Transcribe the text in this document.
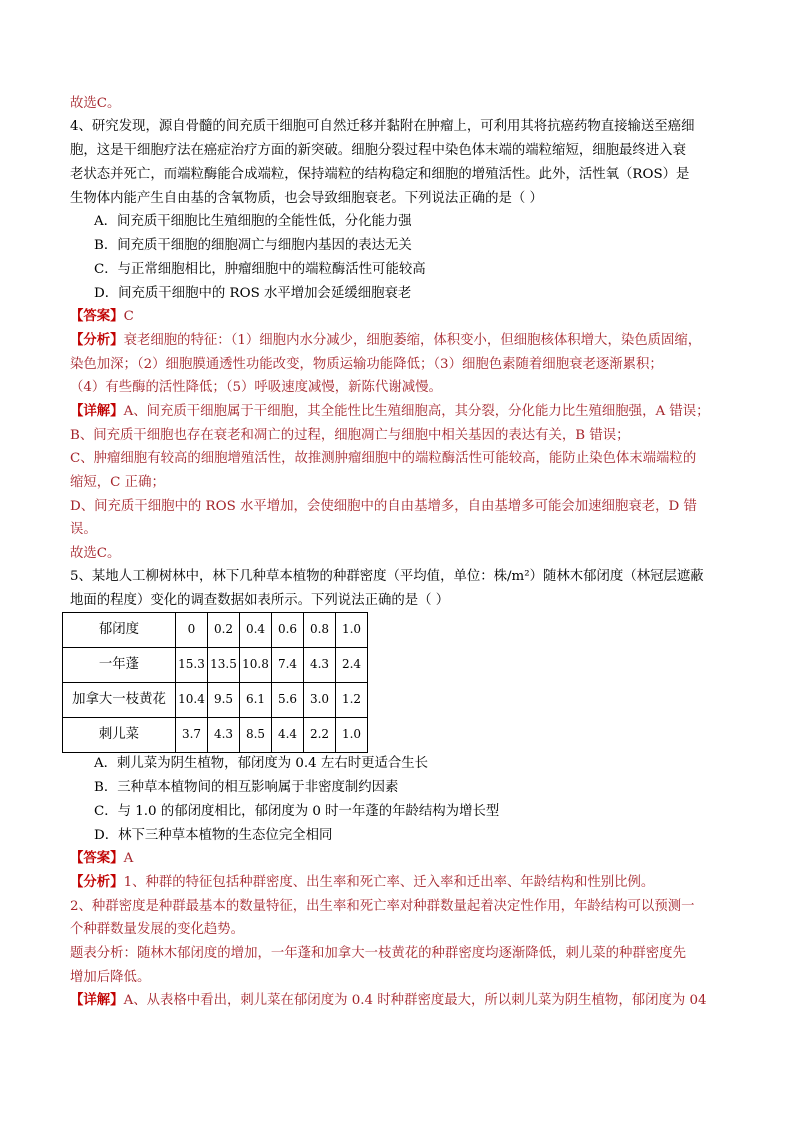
故选C。

4、研究发现，源自骨髓的间充质干细胞可自然迁移并黏附在肿瘤上，可利用其将抗癌药物直接输送至癌细

胞，这是干细胞疗法在癌症治疗方面的新突破。细胞分裂过程中染色体末端的端粒缩短，细胞最终进入衰

老状态并死亡，而端粒酶能合成端粒，保持端粒的结构稳定和细胞的增殖活性。此外，活性氧（ROS）是

生物体内能产生自由基的含氧物质，也会导致细胞衰老。下列说法正确的是（ ）

A．间充质干细胞比生殖细胞的全能性低，分化能力强

B．间充质干细胞的细胞凋亡与细胞内基因的表达无关

C．与正常细胞相比，肿瘤细胞中的端粒酶活性可能较高

D．间充质干细胞中的 ROS 水平增加会延缓细胞衰老

【答案】C

【分析】衰老细胞的特征：（1）细胞内水分减少，细胞萎缩，体积变小，但细胞核体积增大，染色质固缩，

染色加深；（2）细胞膜通透性功能改变，物质运输功能降低；（3）细胞色素随着细胞衰老逐渐累积；

（4）有些酶的活性降低；（5）呼吸速度减慢，新陈代谢减慢。

【详解】A、间充质干细胞属于干细胞，其全能性比生殖细胞高，其分裂，分化能力比生殖细胞强，A 错误；

B、间充质干细胞也存在衰老和凋亡的过程，细胞凋亡与细胞中相关基因的表达有关，B 错误；

C、肿瘤细胞有较高的细胞增殖活性，故推测肿瘤细胞中的端粒酶活性可能较高，能防止染色体末端端粒的

缩短，C 正确；

D、间充质干细胞中的 ROS 水平增加，会使细胞中的自由基增多，自由基增多可能会加速细胞衰老，D 错

误。

故选C。

5、某地人工柳树林中，林下几种草本植物的种群密度（平均值，单位：株/m²）随林木郁闭度（林冠层遮蔽

地面的程度）变化的调查数据如表所示。下列说法正确的是（ ）

郁闭度	0	0.2	0.4	0.6	0.8	1.0
一年蓬	15.3	13.5	10.8	7.4	4.3	2.4
加拿大一枝黄花	10.4	9.5	6.1	5.6	3.0	1.2
刺儿菜	3.7	4.3	8.5	4.4	2.2	1.0

A．刺儿菜为阴生植物，郁闭度为 0.4 左右时更适合生长

B．三种草本植物间的相互影响属于非密度制约因素

C．与 1.0 的郁闭度相比，郁闭度为 0 时一年蓬的年龄结构为增长型

D．林下三种草本植物的生态位完全相同

【答案】A

【分析】1、种群的特征包括种群密度、出生率和死亡率、迁入率和迁出率、年龄结构和性别比例。

2、种群密度是种群最基本的数量特征，出生率和死亡率对种群数量起着决定性作用，年龄结构可以预测一

个种群数量发展的变化趋势。

题表分析：随林木郁闭度的增加，一年蓬和加拿大一枝黄花的种群密度均逐渐降低，刺儿菜的种群密度先

增加后降低。

【详解】A、从表格中看出，刺儿菜在郁闭度为 0.4 时种群密度最大，所以刺儿菜为阴生植物，郁闭度为 04
